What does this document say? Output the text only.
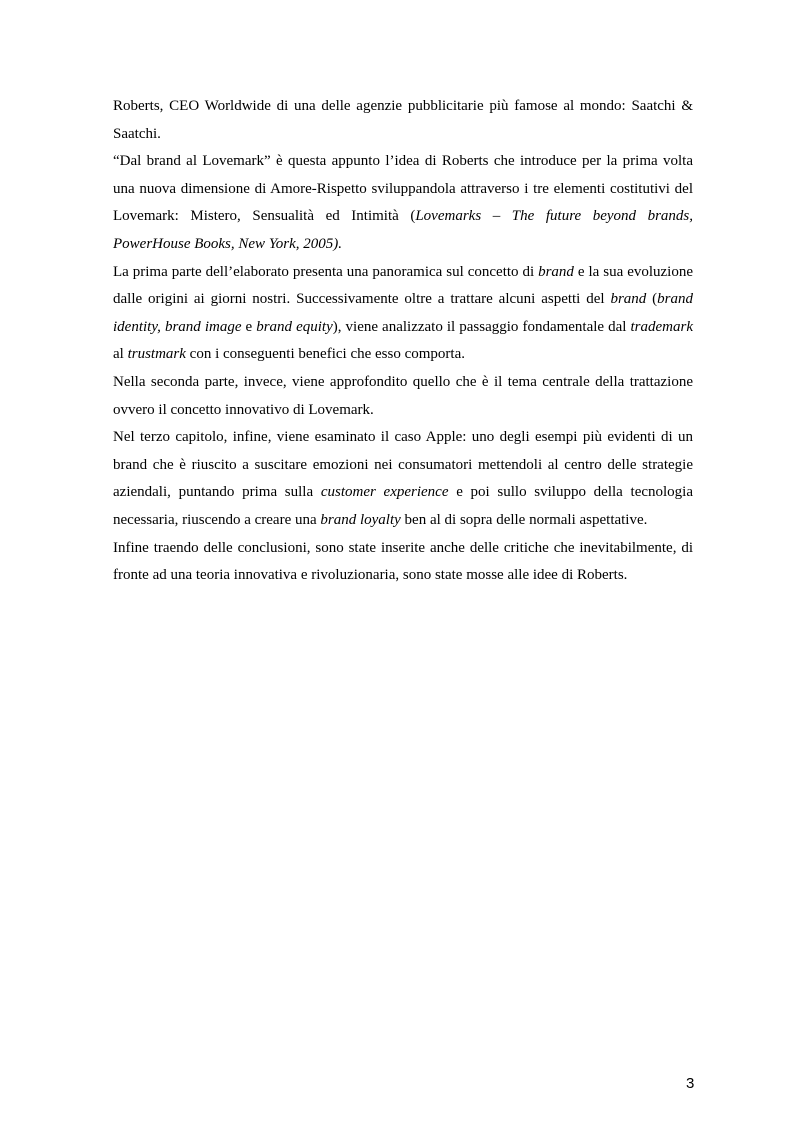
Roberts, CEO Worldwide di una delle agenzie pubblicitarie più famose al mondo: Saatchi & Saatchi.

“Dal brand al Lovemark” è questa appunto l’idea di Roberts che introduce per la prima volta una nuova dimensione di Amore-Rispetto sviluppandola attraverso i tre elementi costitutivi del Lovemark: Mistero, Sensualità ed Intimità (Lovemarks – The future beyond brands, PowerHouse Books, New York, 2005).

La prima parte dell’elaborato presenta una panoramica sul concetto di brand e la sua evoluzione dalle origini ai giorni nostri. Successivamente oltre a trattare alcuni aspetti del brand (brand identity, brand image e brand equity), viene analizzato il passaggio fondamentale dal trademark al trustmark con i conseguenti benefici che esso comporta.

Nella seconda parte, invece, viene approfondito quello che è il tema centrale della trattazione ovvero il concetto innovativo di Lovemark.

Nel terzo capitolo, infine, viene esaminato il caso Apple: uno degli esempi più evidenti di un brand che è riuscito a suscitare emozioni nei consumatori mettendoli al centro delle strategie aziendali, puntando prima sulla customer experience e poi sullo sviluppo della tecnologia necessaria, riuscendo a creare una brand loyalty ben al di sopra delle normali aspettative.

Infine traendo delle conclusioni, sono state inserite anche delle critiche che inevitabilmente, di fronte ad una teoria innovativa e rivoluzionaria, sono state mosse alle idee di Roberts.

3
